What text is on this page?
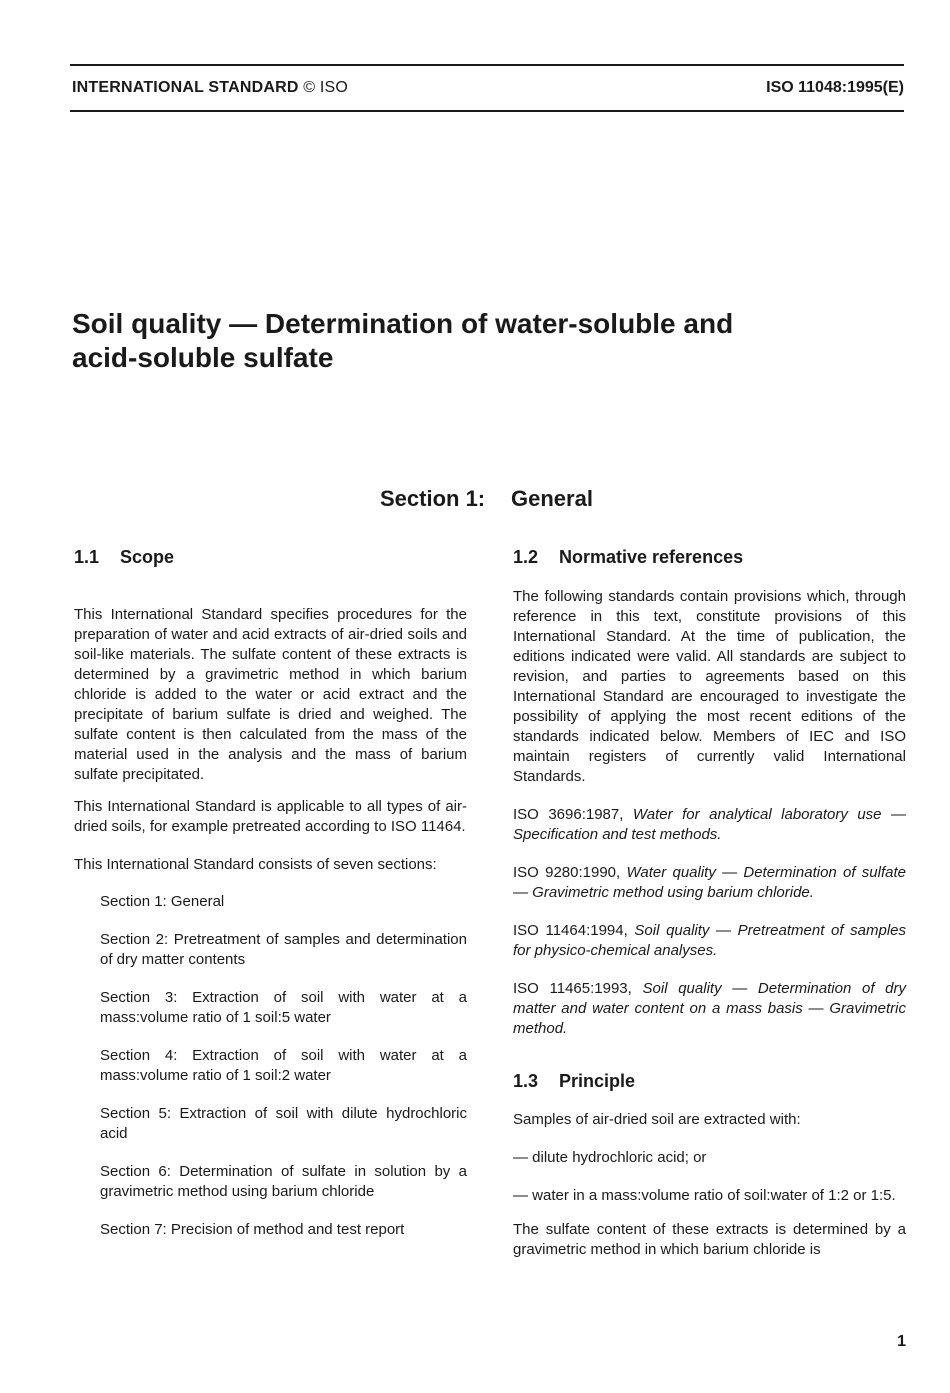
INTERNATIONAL STANDARD © ISO	ISO 11048:1995(E)
Soil quality — Determination of water-soluble and
acid-soluble sulfate
Section 1: General
1.1 Scope

This International Standard specifies procedures for the preparation of water and acid extracts of air-dried soils and soil-like materials. The sulfate content of these extracts is determined by a gravimetric method in which barium chloride is added to the water or acid extract and the precipitate of barium sulfate is dried and weighed. The sulfate content is then calculated from the mass of the material used in the analysis and the mass of barium sulfate precipitated.

This International Standard is applicable to all types of air-dried soils, for example pretreated according to ISO 11464.

This International Standard consists of seven sections:

Section 1: General

Section 2: Pretreatment of samples and determination of dry matter contents

Section 3: Extraction of soil with water at a mass:volume ratio of 1 soil:5 water

Section 4: Extraction of soil with water at a mass:volume ratio of 1 soil:2 water

Section 5: Extraction of soil with dilute hydrochloric acid

Section 6: Determination of sulfate in solution by a gravimetric method using barium chloride

Section 7: Precision of method and test report

1.2 Normative references

The following standards contain provisions which, through reference in this text, constitute provisions of this International Standard. At the time of publication, the editions indicated were valid. All standards are subject to revision, and parties to agreements based on this International Standard are encouraged to investigate the possibility of applying the most recent editions of the standards indicated below. Members of IEC and ISO maintain registers of currently valid International Standards.

ISO 3696:1987, Water for analytical laboratory use — Specification and test methods.

ISO 9280:1990, Water quality — Determination of sulfate — Gravimetric method using barium chloride.

ISO 11464:1994, Soil quality — Pretreatment of samples for physico-chemical analyses.

ISO 11465:1993, Soil quality — Determination of dry matter and water content on a mass basis — Gravimetric method.

1.3 Principle

Samples of air-dried soil are extracted with:

— dilute hydrochloric acid; or

— water in a mass:volume ratio of soil:water of 1:2 or 1:5.

The sulfate content of these extracts is determined by a gravimetric method in which barium chloride is

1
